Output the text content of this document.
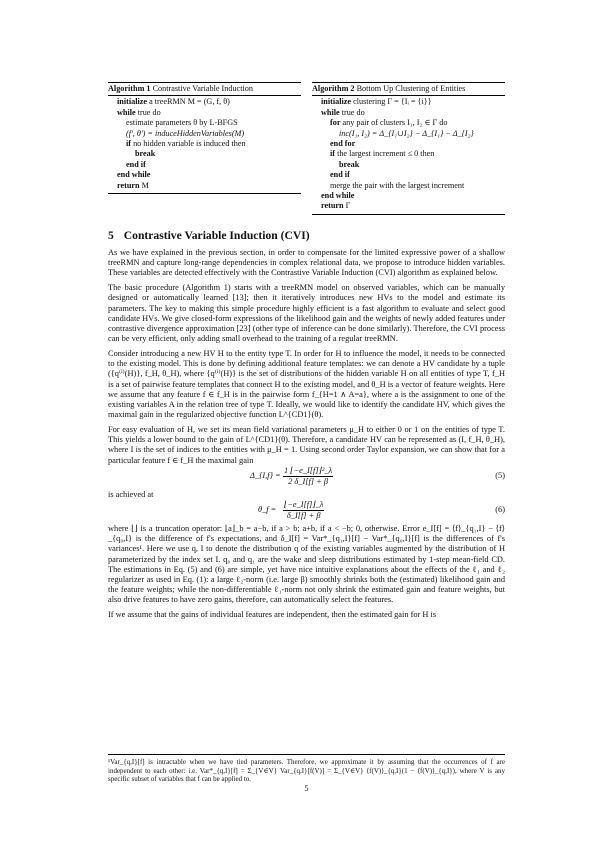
Algorithm 1 Contrastive Variable Induction
initialize a treeRMN M = (G, f, θ)
while true do
estimate parameters θ by L-BFGS
(f', θ') = induceHiddenVariables(M)
if no hidden variable is induced then
break
end if
end while
return M
Algorithm 2 Bottom Up Clustering of Entities
initialize clustering Γ = {Iᵢ = {i}}
while true do
for any pair of clusters I₁, I₂ ∈ Γ do
inc(I₁, I₂) = Δ_{I₁∪I₂} − Δ_{I₁} − Δ_{I₂}
end for
if the largest increment ≤ 0 then
break
end if
merge the pair with the largest increment
end while
return Γ
5 Contrastive Variable Induction (CVI)

As we have explained in the previous section, in order to compensate for the limited expressive power of a shallow treeRMN and capture long-range dependencies in complex relational data, we propose to introduce hidden variables. These variables are detected effectively with the Contrastive Variable Induction (CVI) algorithm as explained below.

The basic procedure (Algorithm 1) starts with a treeRMN model on observed variables, which can be manually designed or automatically learned [13]; then it iteratively introduces new HVs to the model and estimate its parameters. The key to making this simple procedure highly efficient is a fast algorithm to evaluate and select good candidate HVs. We give closed-form expressions of the likelihood gain and the weights of newly added features under contrastive divergence approximation [23] (other type of inference can be done similarly). Therefore, the CVI process can be very efficient, only adding small overhead to the training of a regular treeRMN.

Consider introducing a new HV H to the entity type T. In order for H to influence the model, it needs to be connected to the existing model. This is done by defining additional feature templates: we can denote a HV candidate by a tuple ({q⁽ⁱ⁾(H)}, f_H, θ_H), where {q⁽ⁱ⁾(H)} is the set of distributions of the hidden variable H on all entities of type T, f_H is a set of pairwise feature templates that connect H to the existing model, and θ_H is a vector of feature weights. Here we assume that any feature f ∈ f_H is in the pairwise form f_{H=1 ∧ A=a}, where a is the assignment to one of the existing variables A in the relation tree of type T. Ideally, we would like to identify the candidate HV, which gives the maximal gain in the regularized objective function L^{CD1}(θ).

For easy evaluation of H, we set its mean field variational parameters μ_H to either 0 or 1 on the entities of type T. This yields a lower bound to the gain of L^{CD1}(θ). Therefore, a candidate HV can be represented as (I, f_H, θ_H), where I is the set of indices to the entities with μ_H = 1. Using second order Taylor expansion, we can show that for a particular feature f ∈ f_H the maximal gain

Δ_{I,f} = $\frac{\text{1 ⌊−e\_I[f]⌋²\_λ}}{2 \delta\_I[f] + \beta}$	(5)

is achieved at

θ_f = $\frac{⌊-e\_I[f]⌋\_\lambda}{\delta\_I[f] + \beta}$	(6)

where ⌊⌋ is a truncation operator: ⌊a⌋_b = a−b, if a > b; a+b, if a < −b; 0, otherwise. Error e_I[f] = ⟨f⟩_{q₁,I} − ⟨f⟩_{q₀,I} is the difference of f's expectations, and δ_I[f] = Var*_{q₁,I}[f] − Var*_{q₀,I}[f] is the differences of f's variances¹. Here we use q, I to denote the distribution q of the existing variables augmented by the distribution of H parameterized by the index set I. q₀ and q₁ are the wake and sleep distributions estimated by 1-step mean-field CD. The estimations in Eq. (5) and (6) are simple, yet have nice intuitive explanations about the effects of the ℓ₁ and ℓ₂ regularizer as used in Eq. (1): a large ℓ₂-norm (i.e. large β) smoothly shrinks both the (estimated) likelihood gain and the feature weights; while the non-differentiable ℓ₁-norm not only shrink the estimated gain and feature weights, but also drive features to have zero gains, therefore, can automatically select the features.

If we assume that the gains of individual features are independent, then the estimated gain for H is

¹Var_{q,I}[f] is intractable when we have tied parameters. Therefore, we approximate it by assuming that the occurrences of f are independent to each other: i.e. Var*_{q,I}[f] = Σ_{V∈V} Var_{q,I}[f(V)] = Σ_{V∈V} ⟨f(V)⟩_{q,I}(1 − ⟨f(V)⟩_{q,I}), where V is any specific subset of variables that f can be applied to.
5
